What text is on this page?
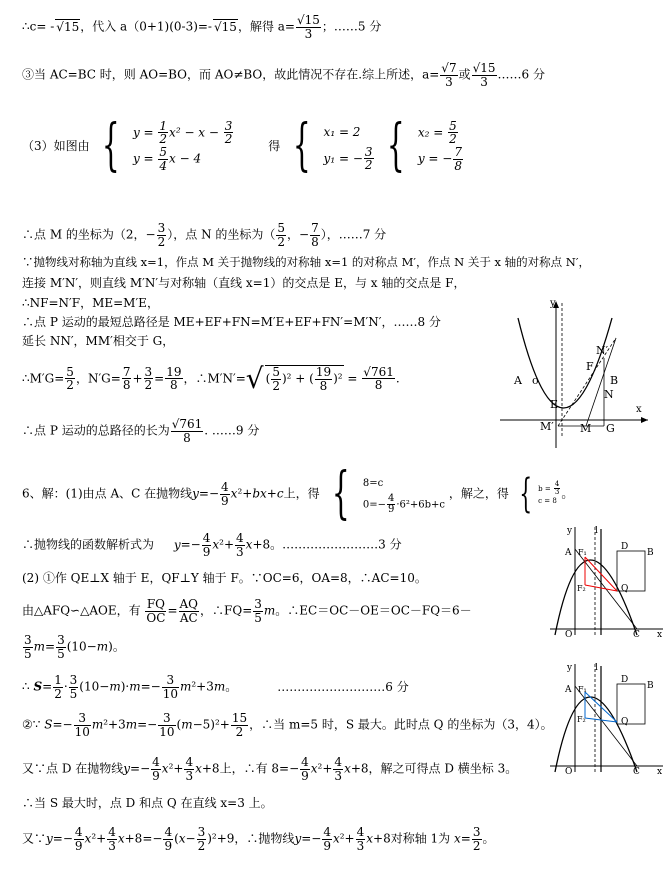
∴c= - √ 15，代入 a（0+1)(0-3)=- √ 15，解得 a= √ $\frac{15}{3}$ ；……5 分
③当 AC=BC 时，则 AO=BO，而 AO≠BO，故此情况不存在.综上所述，a= √ $\frac{7}{3}$ 或 √ $\frac{15}{3}$ ……6 分
（3）如图由 { $y = \frac{1}{2} x^2 - x - \frac{3}{2}$

$y = \frac{5}{4}$ x − 4 得 { x₁ = 2
y₁ = − $\frac{3}{2}$ { $x_2 = \frac{5}{2}$

y = − $\frac{7}{8}$
∴点 M 的坐标为（2，− $\frac{3}{2}$ ），点 N 的坐标为（ $\frac{5}{2}$ ，− $\frac{7}{8}$ ），……7 分
∵抛物线对称轴为直线 x=1，作点 M 关于抛物线的对称轴 x=1 的对称点 M′，作点 N 关于 x 轴的对称点 N′，
连接 M′N′，则直线 M′N′与对称轴（直线 x=1）的交点是 E，与 x 轴的交点是 F，
∴NF=N′F，ME=M′E，
∴点 P 运动的最短总路径是 ME+EF+FN=M′E+EF+FN′=M′N′，……8 分
延长 NN′，MM′相交于 G，
∴M′G= $\frac{5}{2}$ ，$N'G= \frac{7}{8} + \frac{3}{2} = \frac{19}{8}$ ，∴M′N′=√ ( $\frac{5}{2} )^2$ + ( $\frac{19}{8} )^2$ = √ $\frac{761}{8}$ .
∴点 P 运动的总路径的长为 √ $\frac{761}{8}$ . ……9 分
6、解：(1)由点 A、C 在抛物线$y=- \frac{4}{9} x^2+bx+c$上，得 { 8=c
$0=- \frac{4}{9} \cdot 6^2+6b+c$ ，解之，得 { $b = \frac{4}{3}$

c = 8。
∴抛物线的函数解析式为 $y=- \frac{4}{9} x^2+ \frac{4}{3} x+8$。……………………3 分
(2) ①作 QE⊥X 轴于 E，QF⊥Y 轴于 F。∵OC=6，OA=8，∴AC=10。
由△AFQ∽△AOE，有 $\frac{FQ}{OC} = \frac{AQ}{AC}$ ，∴FQ= $\frac{3}{5}$ m。∴EC＝OC－OE＝OC－FQ＝6－
$\frac{3}{5} m= \frac{3}{5} (10-m)$。
∴ $S= \frac{1}{2} \cdot \frac{3}{5} (10-m)\cdot m=- \frac{3}{10} m^2+3m$。	………………………6 分
②∵ $S=- \frac{3}{10} m^2+3m=- \frac{3}{10} (m-5)^2+ \frac{15}{2}$ ，∴当 m=5 时，S 最大。此时点 Q 的坐标为（3，4）。
又∵点 D 在抛物线$y=- \frac{4}{9} x^2+ \frac{4}{3} x+8$上，∴有 $8=- \frac{4}{9} x^2+ \frac{4}{3} x+8$，解之可得点 D 横坐标 3。
∴当 S 最大时，点 D 和点 Q 在直线 x=3 上。
又∵y=− $\frac{4}{9} x^2+ \frac{4}{3} x+8=- \frac{4}{9} (x- \frac{3}{2} )^2+9$，∴抛物线$y=- \frac{4}{9} x^2+ \frac{4}{3} x+8$对称轴 1为 $x= \frac{3}{2}$ 。
y
x
A o	B
N′
F
E
N
M′ M G
y	l
A F₁
D
B
F₂	Q
O	C x
y	l
A F₁
D
B
F₂	Q
O	C x
